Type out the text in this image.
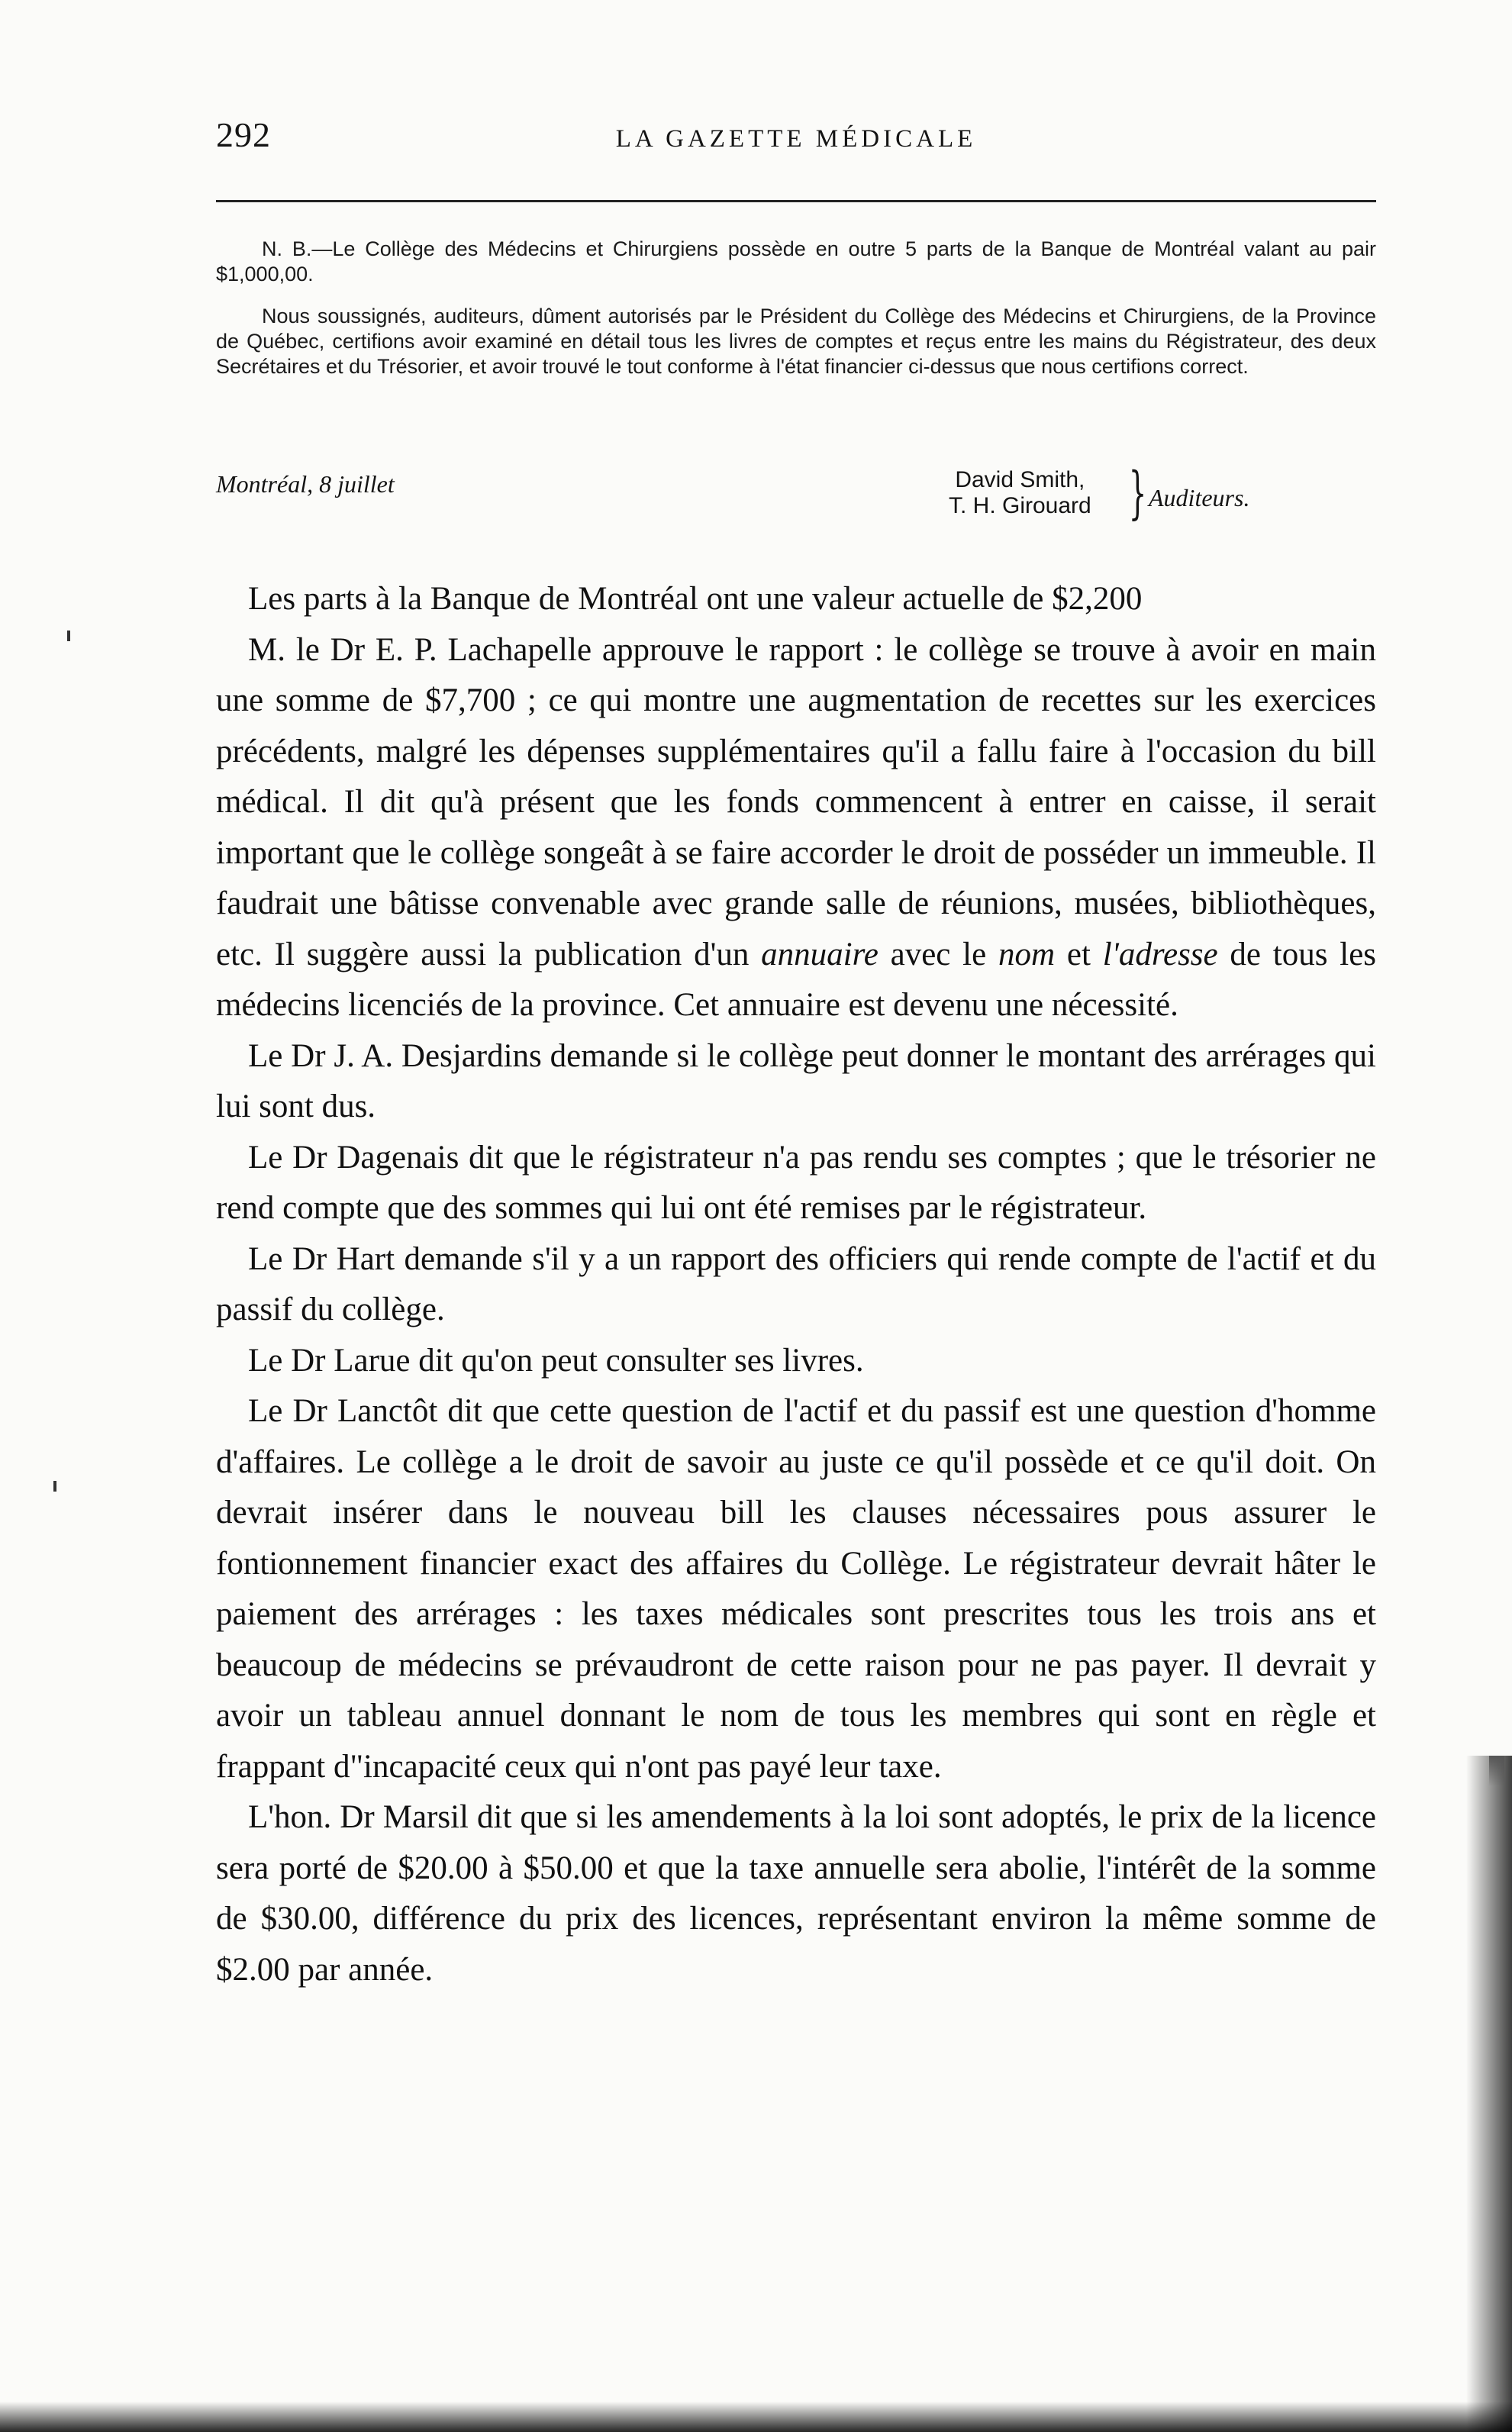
292	LA GAZETTE MÉDICALE

N. B.—Le Collège des Médecins et Chirurgiens possède en outre 5 parts de la Banque de Montréal valant au pair $1,000,00.

Nous soussignés, auditeurs, dûment autorisés par le Président du Collège des Médecins et Chirurgiens, de la Province de Québec, certifions avoir examiné en détail tous les livres de comptes et reçus entre les mains du Régistrateur, des deux Secrétaires et du Trésorier, et avoir trouvé le tout conforme à l'état financier ci-dessus que nous certifions correct.

Montréal, 8 juillet	David Smith,
T. H. Girouard } Auditeurs.

Les parts à la Banque de Montréal ont une valeur actuelle de $2,200

M. le Dr E. P. Lachapelle approuve le rapport : le collège se trouve à avoir en main une somme de $7,700 ; ce qui montre une augmentation de recettes sur les exercices précédents, malgré les dépenses supplémentaires qu'il a fallu faire à l'occasion du bill médical. Il dit qu'à présent que les fonds commencent à entrer en caisse, il serait important que le collège songeât à se faire accorder le droit de posséder un immeuble. Il faudrait une bâtisse convenable avec grande salle de réunions, musées, bibliothèques, etc. Il suggère aussi la publication d'un annuaire avec le nom et l'adresse de tous les médecins licenciés de la province. Cet annuaire est devenu une nécessité.

Le Dr J. A. Desjardins demande si le collège peut donner le montant des arrérages qui lui sont dus.

Le Dr Dagenais dit que le régistrateur n'a pas rendu ses comptes ; que le trésorier ne rend compte que des sommes qui lui ont été remises par le régistrateur.

Le Dr Hart demande s'il y a un rapport des officiers qui rende compte de l'actif et du passif du collège.

Le Dr Larue dit qu'on peut consulter ses livres.

Le Dr Lanctôt dit que cette question de l'actif et du passif est une question d'homme d'affaires. Le collège a le droit de savoir au juste ce qu'il possède et ce qu'il doit. On devrait insérer dans le nouveau bill les clauses nécessaires pous assurer le fontionnement financier exact des affaires du Collège. Le régistrateur devrait hâter le paiement des arrérages : les taxes médicales sont prescrites tous les trois ans et beaucoup de médecins se prévaudront de cette raison pour ne pas payer. Il devrait y avoir un tableau annuel donnant le nom de tous les membres qui sont en règle et frappant d"incapacité ceux qui n'ont pas payé leur taxe.

L'hon. Dr Marsil dit que si les amendements à la loi sont adoptés, le prix de la licence sera porté de $20.00 à $50.00 et que la taxe annuelle sera abolie, l'intérêt de la somme de $30.00, différence du prix des licences, représentant environ la même somme de $2.00 par année.
